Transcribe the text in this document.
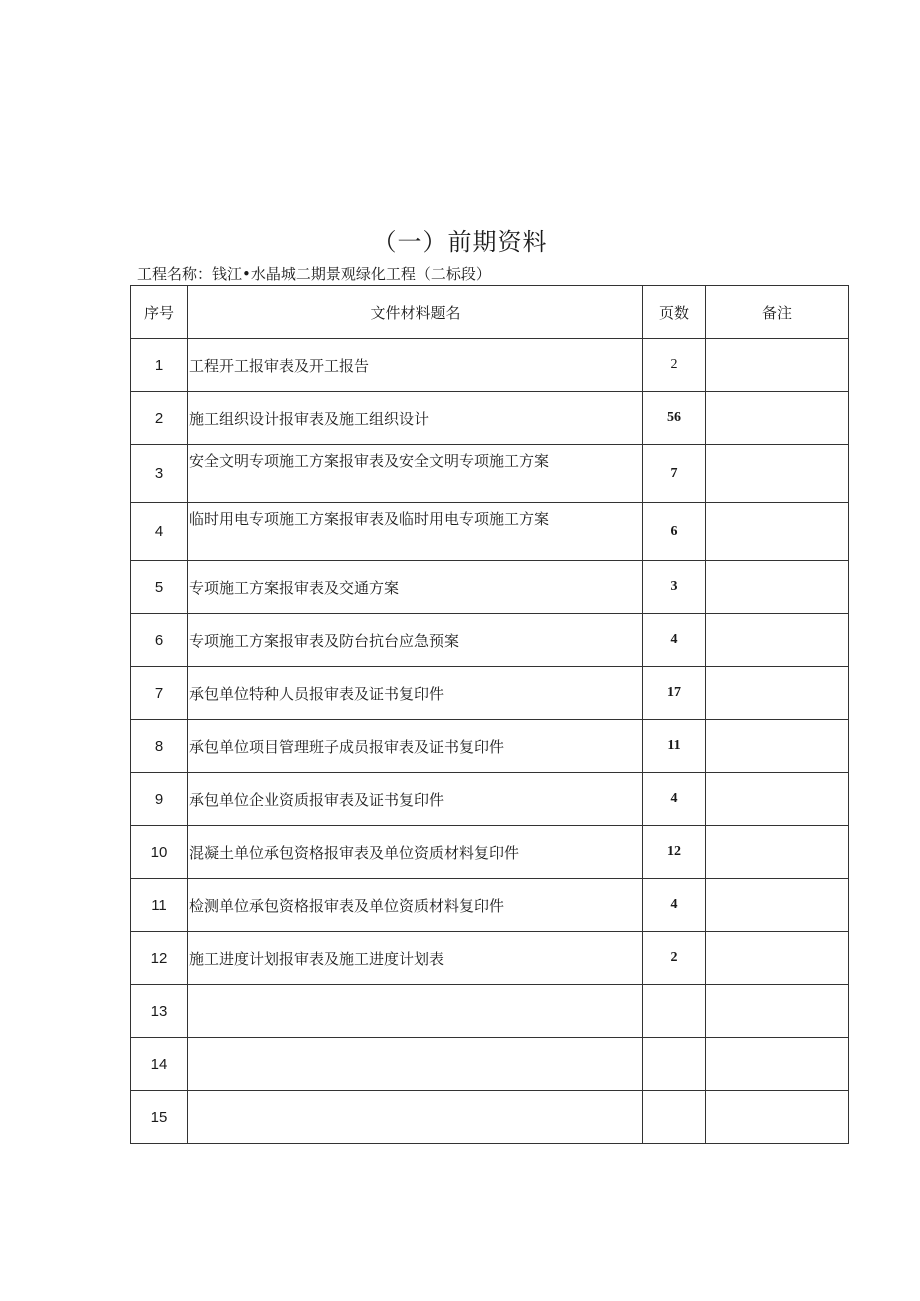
（一）前期资料
工程名称：钱江•水晶城二期景观绿化工程（二标段）
序号	文件材料题名	页数	备注
1	工程开工报审表及开工报告	2	
2	施工组织设计报审表及施工组织设计	56	
3	安全文明专项施工方案报审表及安全文明专项施工方案	7	
4	临时用电专项施工方案报审表及临时用电专项施工方案	6	
5	专项施工方案报审表及交通方案	3	
6	专项施工方案报审表及防台抗台应急预案	4	
7	承包单位特种人员报审表及证书复印件	17	
8	承包单位项目管理班子成员报审表及证书复印件	11	
9	承包单位企业资质报审表及证书复印件	4	
10	混凝土单位承包资格报审表及单位资质材料复印件	12	
11	检测单位承包资格报审表及单位资质材料复印件	4	
12	施工进度计划报审表及施工进度计划表	2	
13			
14			
15			
